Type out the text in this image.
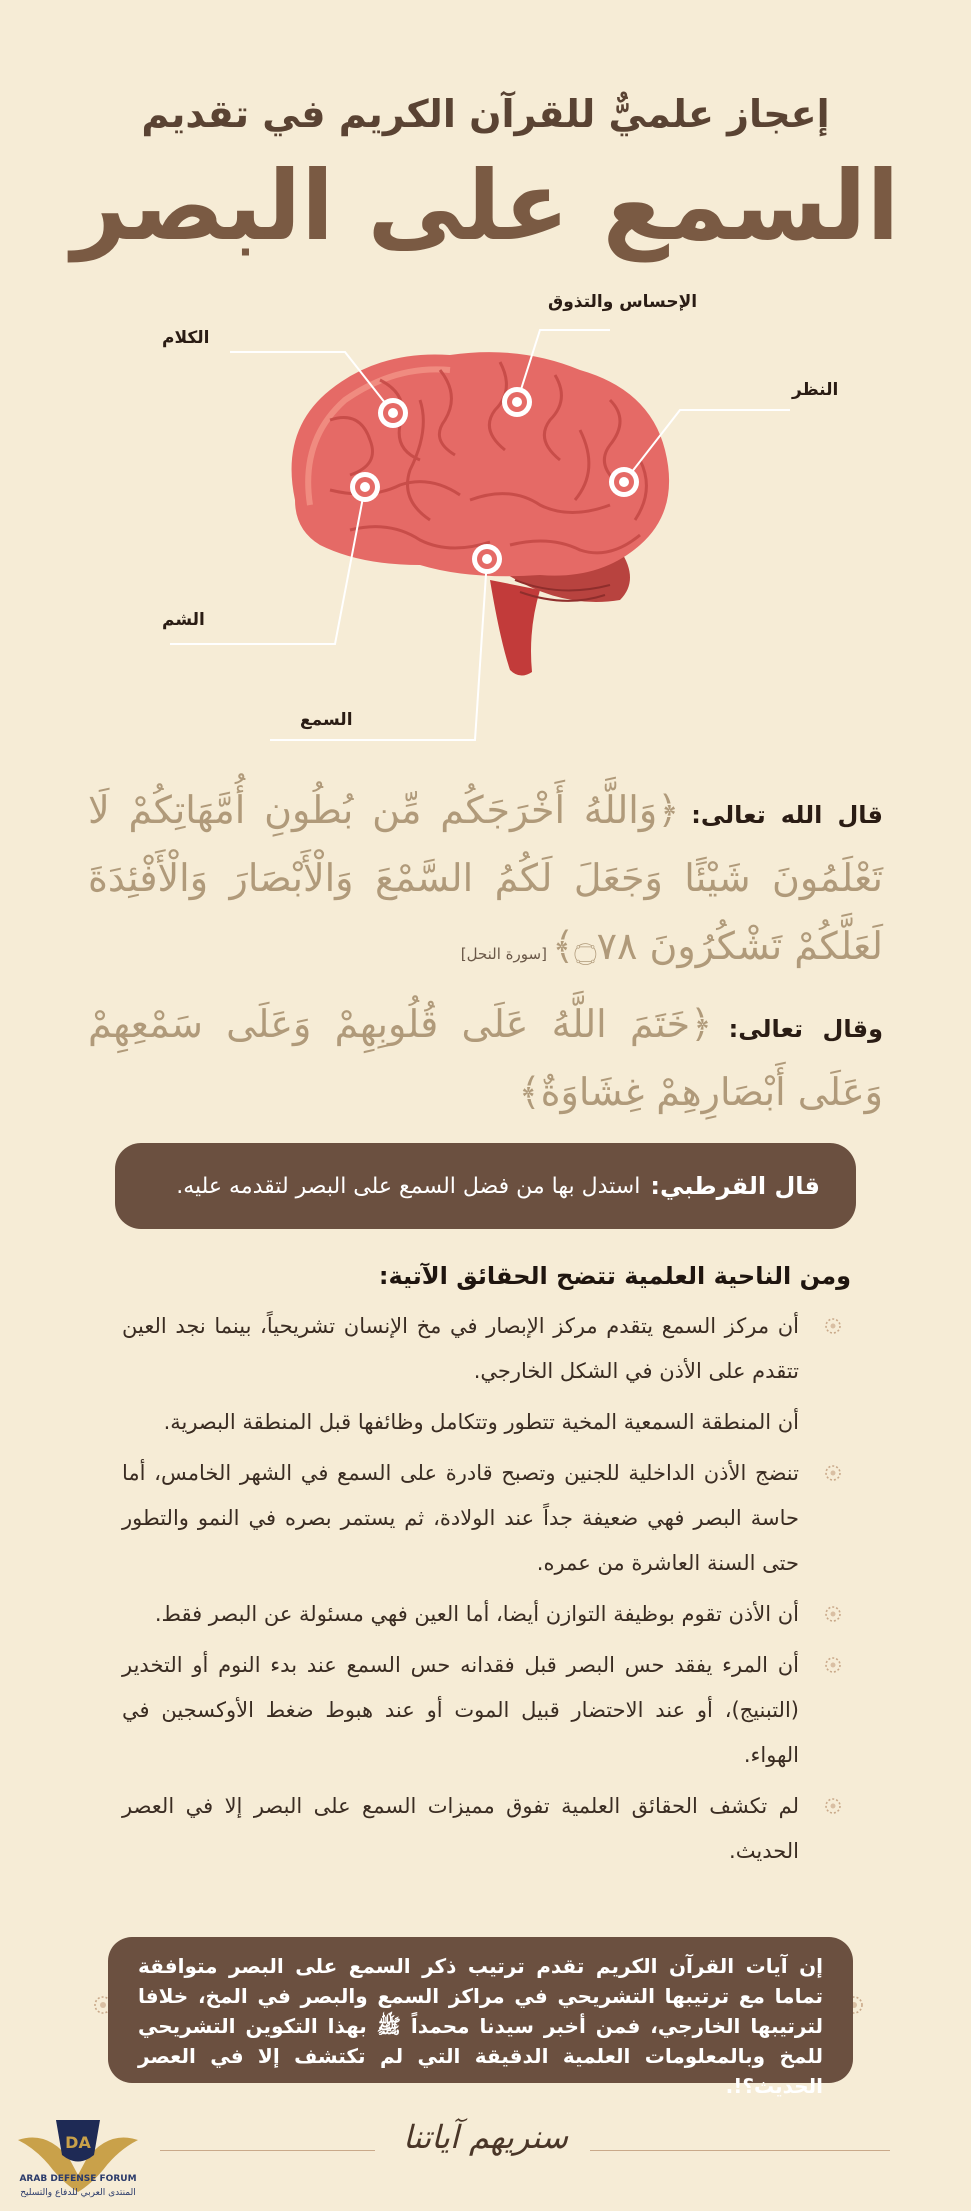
إعجاز علميٌّ للقرآن الكريم في تقديم
السمع على البصر
الكلام
الإحساس والتذوق
النظر
الشم
السمع
قال الله تعالى: ﴿وَاللَّهُ أَخْرَجَكُم مِّن بُطُونِ أُمَّهَاتِكُمْ لَا تَعْلَمُونَ شَيْئًا وَجَعَلَ لَكُمُ السَّمْعَ وَالْأَبْصَارَ وَالْأَفْئِدَةَ لَعَلَّكُمْ تَشْكُرُونَ ۝٧٨﴾ [سورة النحل]
وقال تعالى: ﴿خَتَمَ اللَّهُ عَلَى قُلُوبِهِمْ وَعَلَى سَمْعِهِمْ وَعَلَى أَبْصَارِهِمْ غِشَاوَةٌ﴾
قال القرطبي:
استدل بها من فضل السمع على البصر لتقدمه عليه.
ومن الناحية العلمية تتضح الحقائق الآتية:
أن مركز السمع يتقدم مركز الإبصار في مخ الإنسان تشريحياً، بينما نجد العين تتقدم على الأذن في الشكل الخارجي.
أن المنطقة السمعية المخية تتطور وتتكامل وظائفها قبل المنطقة البصرية.
تنضج الأذن الداخلية للجنين وتصبح قادرة على السمع في الشهر الخامس، أما حاسة البصر فهي ضعيفة جداً عند الولادة، ثم يستمر بصره في النمو والتطور حتى السنة العاشرة من عمره.
أن الأذن تقوم بوظيفة التوازن أيضا، أما العين فهي مسئولة عن البصر فقط.
أن المرء يفقد حس البصر قبل فقدانه حس السمع عند بدء النوم أو التخدير (التبنيج)، أو عند الاحتضار قبيل الموت أو عند هبوط ضغط الأوكسجين في الهواء.
لم تكشف الحقائق العلمية تفوق مميزات السمع على البصر إلا في العصر الحديث.
إن آيات القرآن الكريم تقدم ترتيب ذكر السمع على البصر متوافقة تماما مع ترتيبها التشريحي في مراكز السمع والبصر في المخ، خلافا لترتيبها الخارجي، فمن أخبر سيدنا محمداً ﷺ بهذا التكوين التشريحي للمخ وبالمعلومات العلمية الدقيقة التي لم تكتشف إلا في العصر الحديث؟!.
سنريهم آياتنا
DA
ARAB DEFENSE FORUM
المنتدى العربي للدفاع والتسليح
